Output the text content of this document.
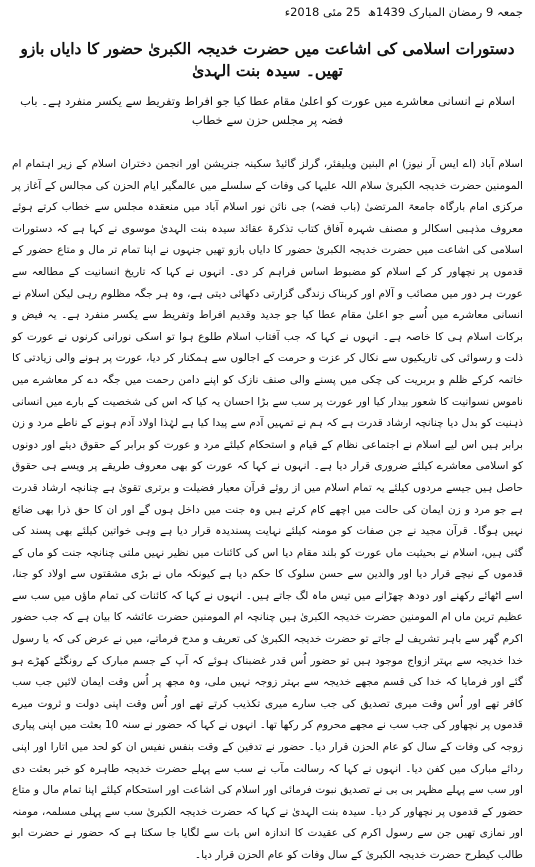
جمعہ 9 رمضان المبارک 1439ھ ‏ 25 مئی 2018ء
دستورات اسلامی کی اشاعت میں حضرت خدیجہ الکبریٰ حضور کا دایاں بازو تھیں۔ سیدہ بنت الہدیٰ
اسلام نے انسانی معاشرے میں عورت کو اعلیٰ مقام عطا کیا جو افراط وتفریط سے یکسر منفرد ہے۔ باب فضہ پر مجلس حزن سے خطاب

اسلام آباد (اے ایس آر نیوز) ام البنین ویلیفئر، گرلز گائیڈ سکینہ جنریشن اور انجمن دختران اسلام کے زیر اہتمام ام المومنین حضرت خدیجہ الکبریٰ سلام اللہ علیہا کی وفات کے سلسلے میں عالمگیر ایام الحزن کی مجالس کے آغاز پر مرکزی امام بارگاہ جامعۃ المرتضیٰ (باب فضہ) جی نائن نور اسلام آباد میں منعقدہ مجلس سے خطاب کرتے ہوئے معروف مذہبی اسکالر و مصنف شہرہ آفاق کتاب تذکرۃ عقائد سیدہ بنت الہدیٰ موسوی نے کہا ہے کہ دستورات اسلامی کی اشاعت میں حضرت خدیجہ الکبریٰ حضور کا دایاں بازو تھیں جنہوں نے اپنا تمام تر مال و متاع حضور کے قدموں پر نچھاور کر کے اسلام کو مضبوط اساس فراہم کر دی۔ انہوں نے کہا کہ تاریخ انسانیت کے مطالعہ سے عورت ہر دور میں مصائب و آلام اور کربناک زندگی گزارتی دکھائی دیتی ہے، وہ ہر جگہ مظلوم رہی لیکن اسلام نے انسانی معاشرے میں اُسے جو اعلیٰ مقام عطا کیا جو جدید وقدیم افراط وتفریط سے یکسر منفرد ہے۔ یہ فیض و برکات اسلام ہی کا خاصہ ہے۔ انہوں نے کہا کہ جب آفتاب اسلام طلوع ہوا تو اسکی نورانی کرنوں نے عورت کو ذلت و رسوائی کی تاریکیوں سے نکال کر عزت و حرمت کے اجالوں سے ہمکنار کر دیا، عورت پر ہونے والی زیادتی کا خاتمہ کرکے ظلم و بربریت کی چکی میں پسنے والی صنف نازک کو اپنے دامن رحمت میں جگہ دے کر معاشرے میں ناموس نسوانیت کا شعور بیدار کیا اور عورت پر سب سے بڑا احسان یہ کیا کہ اس کی شخصیت کے بارے میں انسانی ذہنیت کو بدل دیا چنانچہ ارشاد قدرت ہے کہ ہم نے تمہیں آدم سے پیدا کیا ہے لہٰذا اولاد آدم ہونے کے ناطے مرد و زن برابر ہیں اس لیے اسلام نے اجتماعی نظام کے قیام و استحکام کیلئے مرد و عورت کو برابر کے حقوق دیئے اور دونوں کو اسلامی معاشرے کیلئے ضروری قرار دیا ہے۔ انہوں نے کہا کہ عورت کو بھی معروف طریقے پر ویسے ہی حقوق حاصل ہیں جیسے مردوں کیلئے یہ تمام اسلام میں از روئے قرآن معیار فضیلت و برتری تقویٰ ہے چنانچہ ارشاد قدرت ہے جو مرد و زن ایمان کی حالت میں اچھے کام کرتے ہیں وہ جنت میں داخل ہوں گے اور ان کا حق ذرا بھی ضائع نہیں ہوگا۔ قرآن مجید نے جن صفات کو مومنہ کیلئے نہایت پسندیدہ قرار دیا ہے وہی خواتین کیلئے بھی پسند کی گئی ہیں، اسلام نے بحیثیت ماں عورت کو بلند مقام دیا اس کی کائنات میں نظیر نہیں ملتی چنانچہ جنت کو ماں کے قدموں کے نیچے قرار دیا اور والدین سے حسن سلوک کا حکم دیا ہے کیونکہ ماں نے بڑی مشقتوں سے اولاد کو جنا، اسے اٹھائے رکھنے اور دودھ چھڑانے میں تیس ماہ لگ جاتے ہیں۔ انہوں نے کہا کہ کائنات کی تمام ماؤں میں سب سے عظیم ترین ماں ام المومنین حضرت خدیجہ الکبریٰ ہیں چنانچہ ام المومنین حضرت عائشہ کا بیان ہے کہ جب حضور اکرم گھر سے باہر تشریف لے جاتے تو حضرت خدیجہ الکبریٰ کی تعریف و مدح فرماتے، میں نے عرض کی کہ یا رسول خدا خدیجہ سے بہتر ازواج موجود ہیں تو حضور اُس قدر غضبناک ہوئے کہ آپ کے جسم مبارک کے رونگٹے کھڑے ہو گئے اور فرمایا کہ خدا کی قسم مجھے خدیجہ سے بہتر زوجہ نہیں ملی، وہ مجھ پر اُس وقت ایمان لائیں جب سب کافر تھے اور اُس وقت میری تصدیق کی جب سارے میری تکذیب کرتے تھے اور اُس وقت اپنی دولت و ثروت میرے قدموں پر نچھاور کی جب سب نے مجھے محروم کر رکھا تھا۔ انہوں نے کہا کہ حضور نے سنہ 10 بعثت میں اپنی پیاری زوجہ کی وفات کے سال کو عام الحزن قرار دیا۔ حضور نے تدفین کے وقت بنفس نفیس ان کو لحد میں اتارا اور اپنی ردائے مبارک میں کفن دیا۔ انہوں نے کہا کہ رسالت مآب نے سب سے پہلے حضرت خدیجہ طاہرہ کو خبر بعثت دی اور سب سے پہلے مظہر بی بی نے تصدیق نبوت فرمائی اور اسلام کی اشاعت اور استحکام کیلئے اپنا تمام مال و متاع حضور کے قدموں پر نچھاور کر دیا۔ سیدہ بنت الہدیٰ نے کہا کہ حضرت خدیجہ الکبریٰ سب سے پہلی مسلمہ، مومنہ اور نمازی تھیں جن سے رسول اکرم کی عقیدت کا اندازہ اس بات سے لگایا جا سکتا ہے کہ حضور نے حضرت ابو طالب کیطرح حضرت خدیجہ الکبریٰ کے سال وفات کو عام الحزن قرار دیا۔
